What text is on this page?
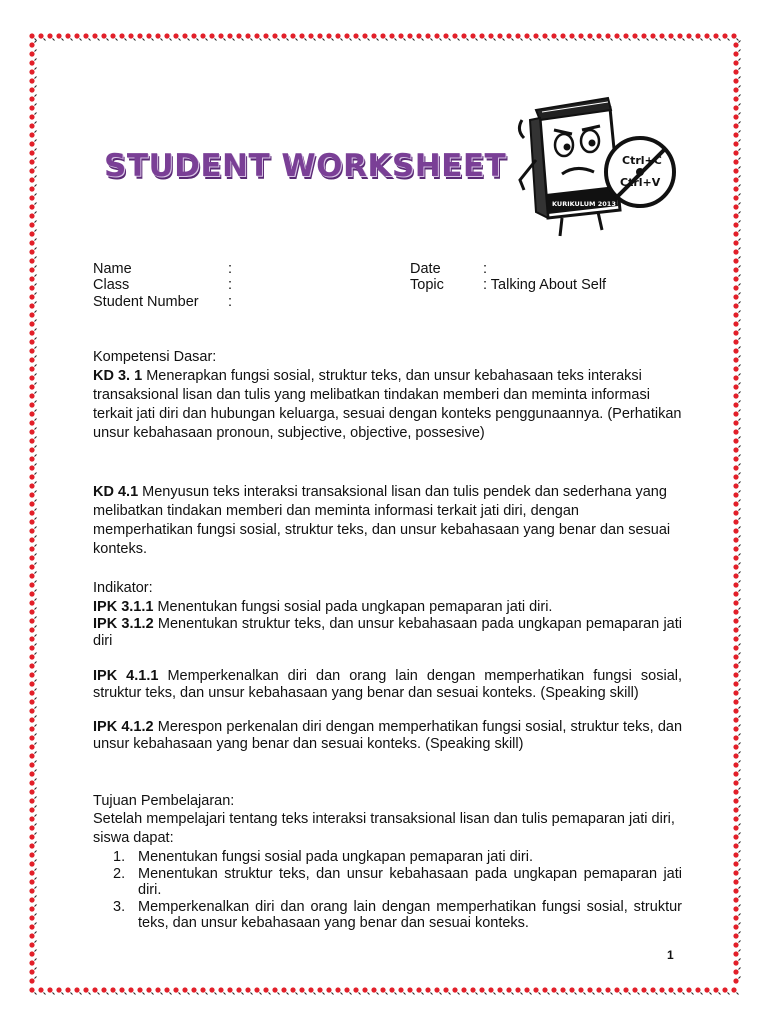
STUDENT WORKSHEET	Ctrl+C
Ctrl+V
KURIKULUM 2013
Name	:
Class	:
Student Number :
Date	:
Topic	: Talking About Self
Kompetensi Dasar:
KD 3. 1 Menerapkan fungsi sosial, struktur teks, dan unsur kebahasaan teks interaksi transaksional lisan dan tulis yang melibatkan tindakan memberi dan meminta informasi terkait jati diri dan hubungan keluarga, sesuai dengan konteks penggunaannya. (Perhatikan unsur kebahasaan pronoun, subjective, objective, possesive)
KD 4.1 Menyusun teks interaksi transaksional lisan dan tulis pendek dan sederhana yang melibatkan tindakan memberi dan meminta informasi terkait jati diri, dengan memperhatikan fungsi sosial, struktur teks, dan unsur kebahasaan yang benar dan sesuai konteks.
Indikator:
IPK 3.1.1 Menentukan fungsi sosial pada ungkapan pemaparan jati diri.
IPK 3.1.2 Menentukan struktur teks, dan unsur kebahasaan pada ungkapan pemaparan jati diri
IPK 4.1.1 Memperkenalkan diri dan orang lain dengan memperhatikan fungsi sosial, struktur teks, dan unsur kebahasaan yang benar dan sesuai konteks. (Speaking skill)
IPK 4.1.2 Merespon perkenalan diri dengan memperhatikan fungsi sosial, struktur teks, dan unsur kebahasaan yang benar dan sesuai konteks. (Speaking skill)
Tujuan Pembelajaran:
Setelah mempelajari tentang teks interaksi transaksional lisan dan tulis pemaparan jati diri, siswa dapat:
1. Menentukan fungsi sosial pada ungkapan pemaparan jati diri.
2. Menentukan struktur teks, dan unsur kebahasaan pada ungkapan pemaparan jati diri.
3. Memperkenalkan diri dan orang lain dengan memperhatikan fungsi sosial, struktur teks, dan unsur kebahasaan yang benar dan sesuai konteks.
1
